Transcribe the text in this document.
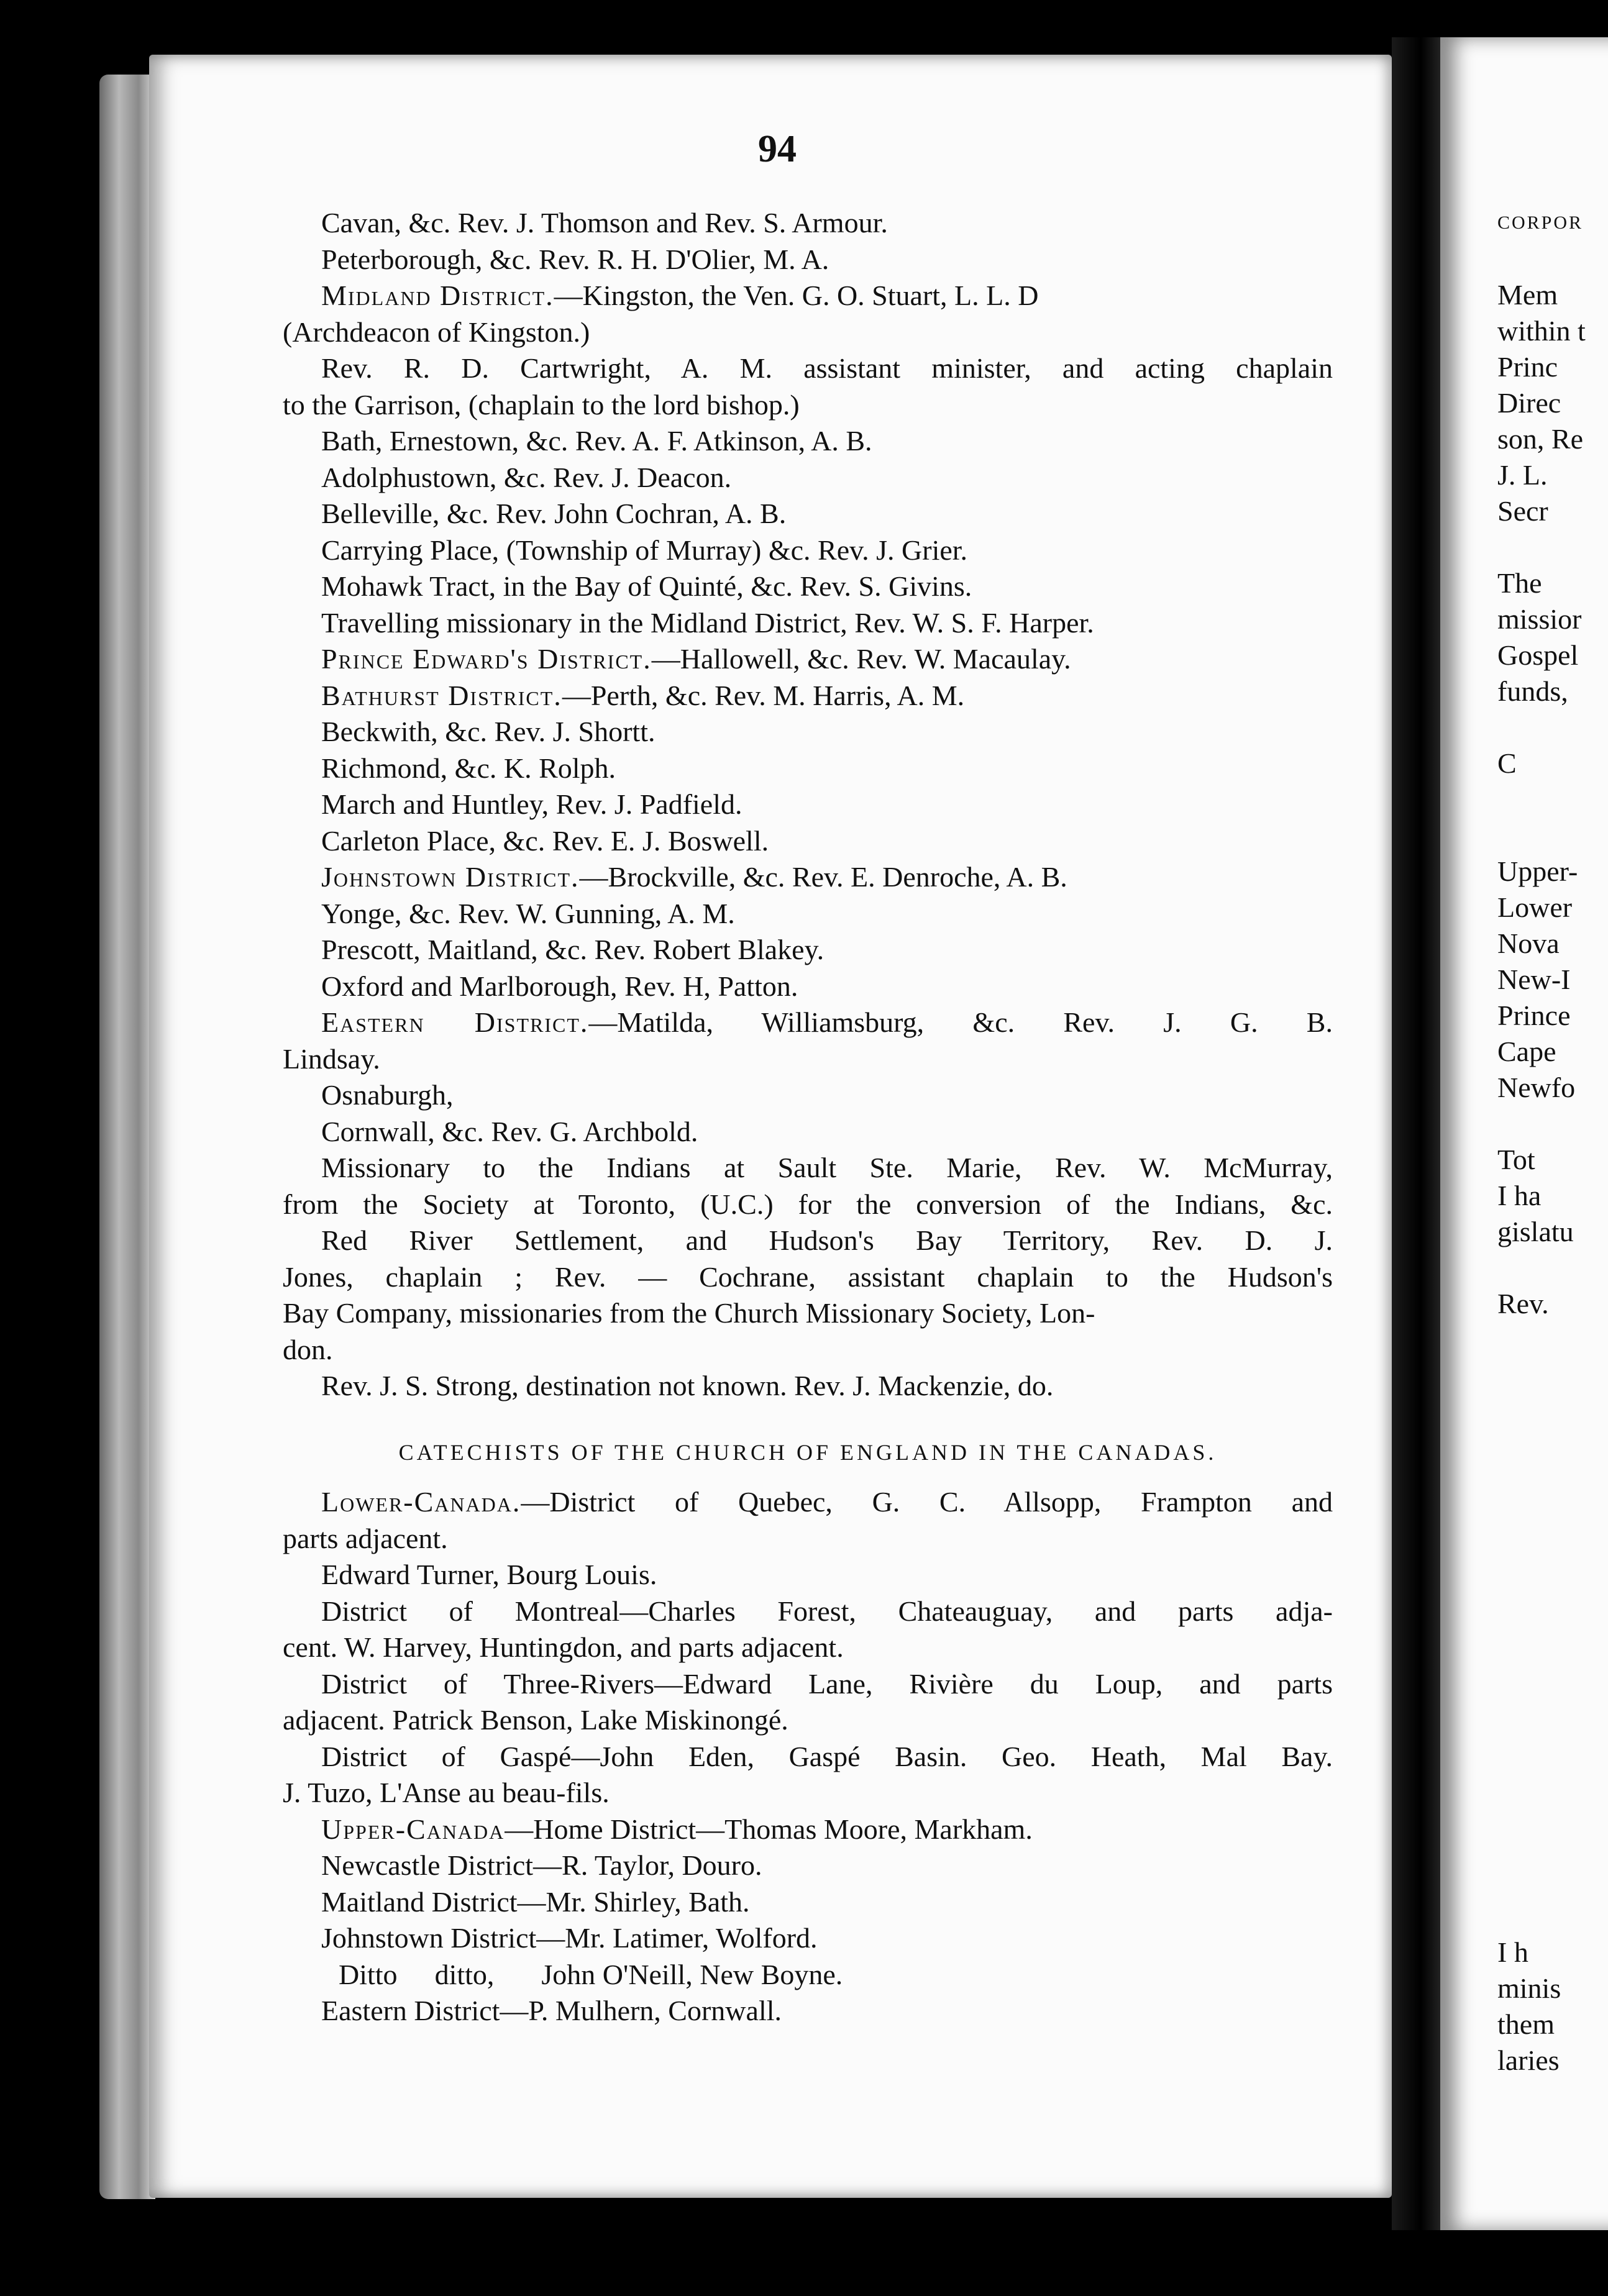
94
Cavan, &c. Rev. J. Thomson and Rev. S. Armour.
Peterborough, &c. Rev. R. H. D'Olier, M. A.
Midland District.—Kingston, the Ven. G. O. Stuart, L. L. D
(Archdeacon of Kingston.)
Rev. R. D. Cartwright, A. M. assistant minister, and acting chaplain
to the Garrison, (chaplain to the lord bishop.)
Bath, Ernestown, &c. Rev. A. F. Atkinson, A. B.
Adolphustown, &c. Rev. J. Deacon.
Belleville, &c. Rev. John Cochran, A. B.
Carrying Place, (Township of Murray) &c. Rev. J. Grier.
Mohawk Tract, in the Bay of Quinté, &c. Rev. S. Givins.
Travelling missionary in the Midland District, Rev. W. S. F. Harper.
Prince Edward's District.—Hallowell, &c. Rev. W. Macaulay.
Bathurst District.—Perth, &c. Rev. M. Harris, A. M.
Beckwith, &c. Rev. J. Shortt.
Richmond, &c. K. Rolph.
March and Huntley, Rev. J. Padfield.
Carleton Place, &c. Rev. E. J. Boswell.
Johnstown District.—Brockville, &c. Rev. E. Denroche, A. B.
Yonge, &c. Rev. W. Gunning, A. M.
Prescott, Maitland, &c. Rev. Robert Blakey.
Oxford and Marlborough, Rev. H, Patton.
Eastern District.—Matilda, Williamsburg, &c. Rev. J. G. B.
Lindsay.
Osnaburgh,
Cornwall, &c. Rev. G. Archbold.
Missionary to the Indians at Sault Ste. Marie, Rev. W. McMurray,
from the Society at Toronto, (U.C.) for the conversion of the Indians, &c.
Red River Settlement, and Hudson's Bay Territory, Rev. D. J.
Jones, chaplain ; Rev. — Cochrane, assistant chaplain to the Hudson's
Bay Company, missionaries from the Church Missionary Society, Lon-
don.
Rev. J. S. Strong, destination not known. Rev. J. Mackenzie, do.
CATECHISTS OF THE CHURCH OF ENGLAND IN THE CANADAS.
Lower-Canada.—District of Quebec, G. C. Allsopp, Frampton and
parts adjacent.
Edward Turner, Bourg Louis.
District of Montreal—Charles Forest, Chateauguay, and parts adja-
cent. W. Harvey, Huntingdon, and parts adjacent.
District of Three-Rivers—Edward Lane, Rivière du Loup, and parts
adjacent. Patrick Benson, Lake Miskinongé.
District of Gaspé—John Eden, Gaspé Basin. Geo. Heath, Mal Bay.
J. Tuzo, L'Anse au beau-fils.
Upper-Canada—Home District—Thomas Moore, Markham.
Newcastle District—R. Taylor, Douro.
Maitland District—Mr. Shirley, Bath.
Johnstown District—Mr. Latimer, Wolford.
Ditto ditto, John O'Neill, New Boyne.
Eastern District—P. Mulhern, Cornwall.
CORPOR
Mem
within t
Princ
Direc
son, Re
J. L.
Secr
The
missior
Gospel
funds,
C
Upper-
Lower
Nova
New-I
Prince
Cape
Newfo
Tot
I ha
gislatu
Rev.
I h
minis
them
laries
